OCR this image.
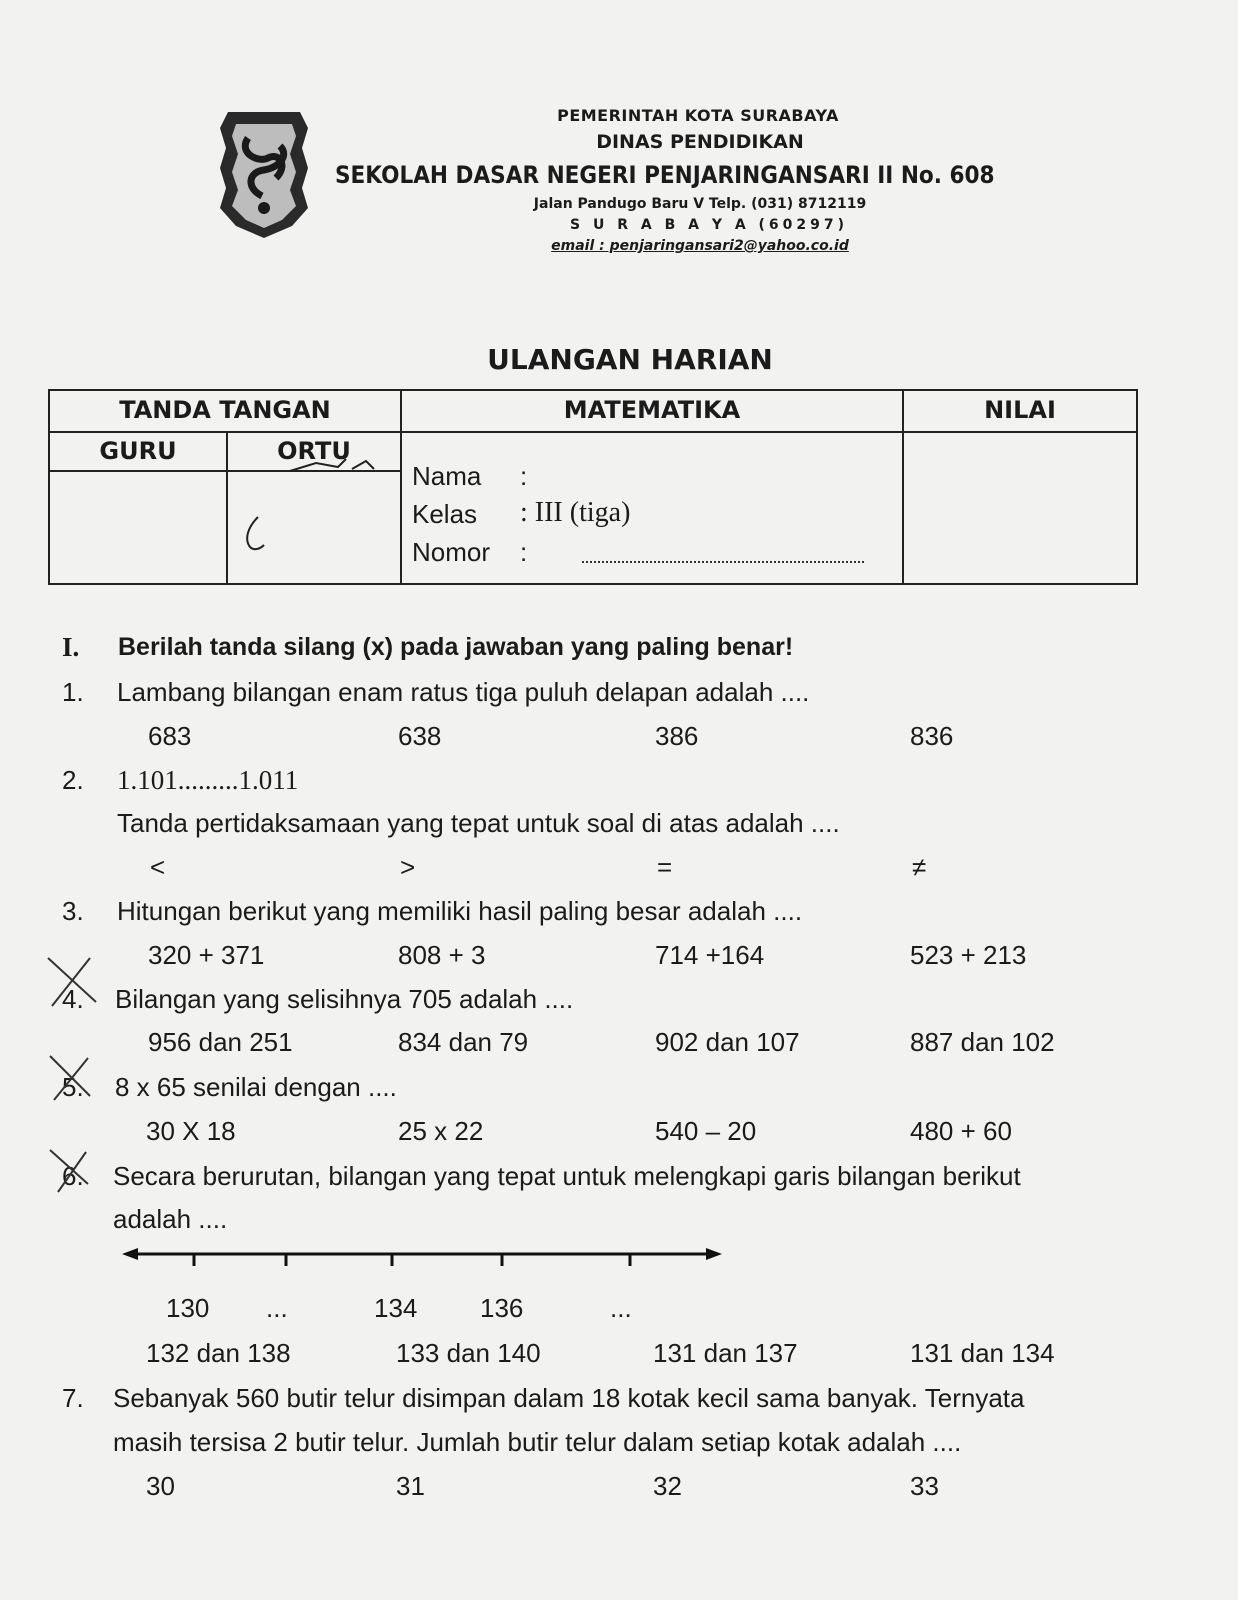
PEMERINTAH KOTA SURABAYA
DINAS PENDIDIKAN
SEKOLAH DASAR NEGERI PENJARINGANSARI II No. 608
Jalan Pandugo Baru V Telp. (031) 8712119
S U R A B A Y A (60297)
email : penjaringansari2@yahoo.co.id
ULANGAN HARIAN
TANDA TANGAN	MATEMATIKA	NILAI
GURU	ORTU
Nama :
Kelas : III (tiga)
Nomor :
I. Berilah tanda silang (x) pada jawaban yang paling benar!
1. Lambang bilangan enam ratus tiga puluh delapan adalah ....
683	638	386	836
2. 1.101.........1.011
Tanda pertidaksamaan yang tepat untuk soal di atas adalah ....
<	>	=	≠
3. Hitungan berikut yang memiliki hasil paling besar adalah ....
320 + 371	808 + 3	714 +164	523 + 213
4. Bilangan yang selisihnya 705 adalah ....
956 dan 251	834 dan 79	902 dan 107	887 dan 102
5. 8 x 65 senilai dengan ....
30 X 18	25 x 22	540 – 20	480 + 60
6. Secara berurutan, bilangan yang tepat untuk melengkapi garis bilangan berikut
adalah ....
130 ...	134 136	...
132 dan 138	133 dan 140	131 dan 137	131 dan 134
7. Sebanyak 560 butir telur disimpan dalam 18 kotak kecil sama banyak. Ternyata
masih tersisa 2 butir telur. Jumlah butir telur dalam setiap kotak adalah ....
30	31	32	33
